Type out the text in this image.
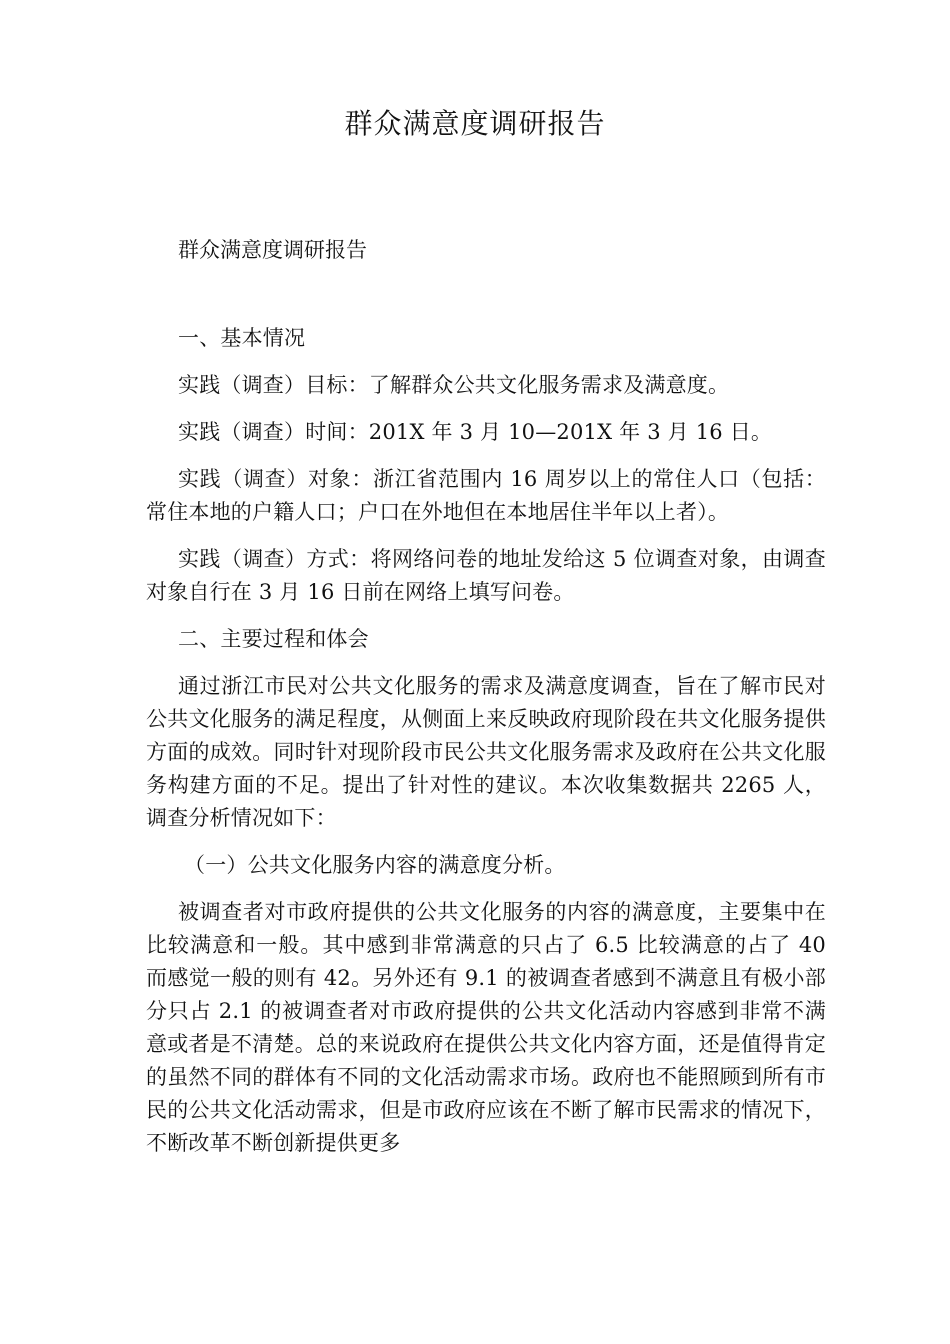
群众满意度调研报告

群众满意度调研报告

一、基本情况

实践（调查）目标：了解群众公共文化服务需求及满意度。

实践（调查）时间：201X 年 3 月 10—201X 年 3 月 16 日。

实践（调查）对象：浙江省范围内 16 周岁以上的常住人口（包括：常住本地的户籍人口；户口在外地但在本地居住半年以上者）。

实践（调查）方式：将网络问卷的地址发给这 5 位调查对象，由调查对象自行在 3 月 16 日前在网络上填写问卷。

二、主要过程和体会

通过浙江市民对公共文化服务的需求及满意度调查，旨在了解市民对公共文化服务的满足程度，从侧面上来反映政府现阶段在共文化服务提供方面的成效。同时针对现阶段市民公共文化服务需求及政府在公共文化服务构建方面的不足。提出了针对性的建议。本次收集数据共 2265 人，调查分析情况如下：

（一）公共文化服务内容的满意度分析。

被调查者对市政府提供的公共文化服务的内容的满意度，主要集中在比较满意和一般。其中感到非常满意的只占了 6.5 比较满意的占了 40 而感觉一般的则有 42。另外还有 9.1 的被调查者感到不满意且有极小部分只占 2.1 的被调查者对市政府提供的公共文化活动内容感到非常不满意或者是不清楚。总的来说政府在提供公共文化内容方面，还是值得肯定的虽然不同的群体有不同的文化活动需求市场。政府也不能照顾到所有市民的公共文化活动需求，但是市政府应该在不断了解市民需求的情况下，不断改革不断创新提供更多
